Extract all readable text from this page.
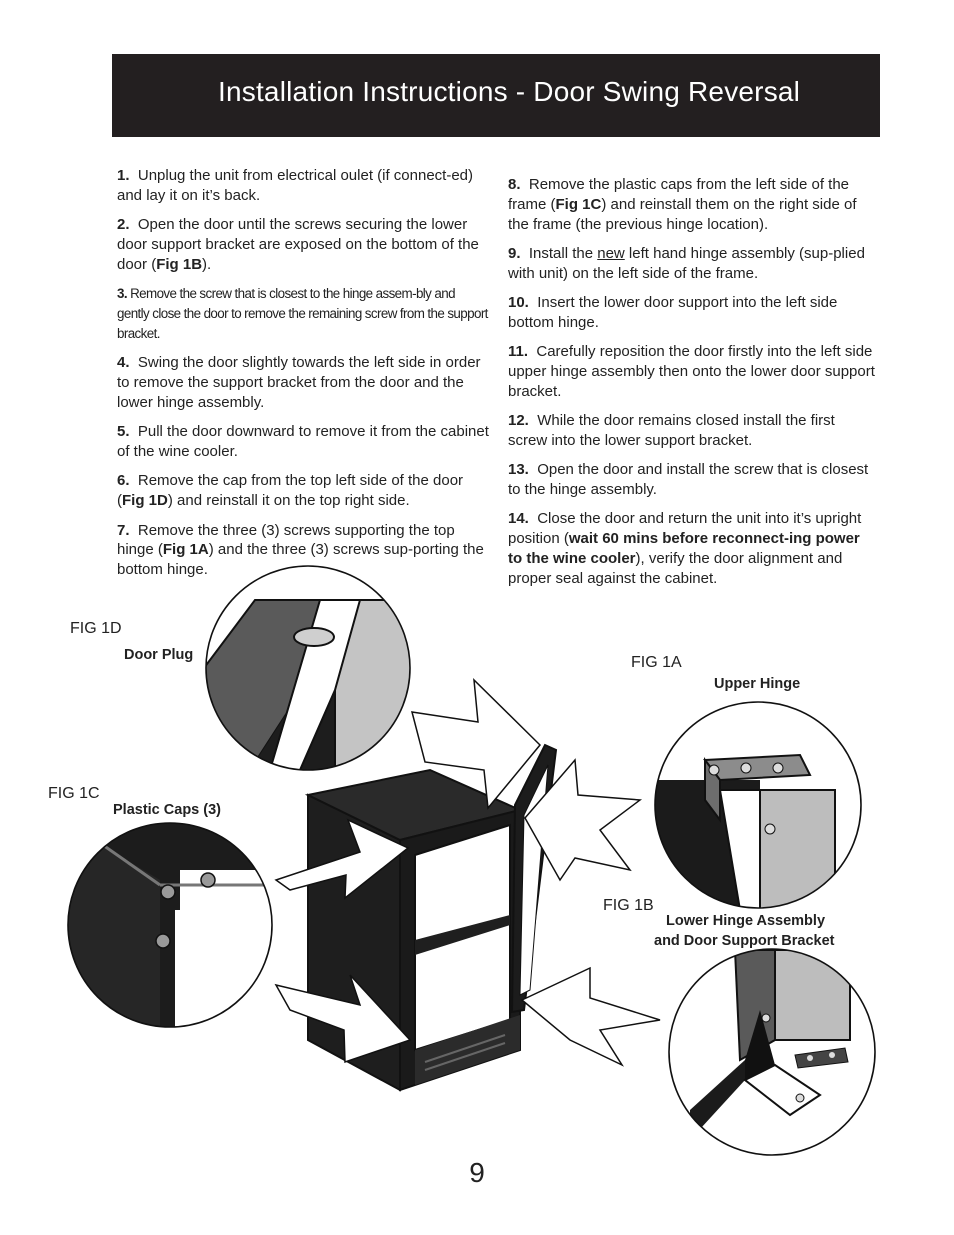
Installation Instructions - Door Swing Reversal

1. Unplug the unit from electrical oulet (if connect-ed) and lay it on it’s back.

2. Open the door until the screws securing the lower door support bracket are exposed on the bottom of the door (Fig 1B).

3. Remove the screw that is closest to the hinge assem-bly and gently close the door to remove the remaining screw from the support bracket.

4. Swing the door slightly towards the left side in order to remove the support bracket from the door and the lower hinge assembly.

5. Pull the door downward to remove it from the cabinet of the wine cooler.

6. Remove the cap from the top left side of the door (Fig 1D) and reinstall it on the top right side.

7. Remove the three (3) screws supporting the top hinge (Fig 1A) and the three (3) screws sup-porting the bottom hinge.

8. Remove the plastic caps from the left side of the frame (Fig 1C) and reinstall them on the right side of the frame (the previous hinge location).

9. Install the new left hand hinge assembly (sup-plied with unit) on the left side of the frame.

10. Insert the lower door support into the left side bottom hinge.

11. Carefully reposition the door firstly into the left side upper hinge assembly then onto the lower door support bracket.

12. While the door remains closed install the first screw into the lower support bracket.

13. Open the door and install the screw that is closest to the hinge assembly.

14. Close the door and return the unit into it’s upright position (wait 60 mins before reconnect-ing power to the wine cooler), verify the door alignment and proper seal against the cabinet.

FIG 1D
Door Plug	FIG 1A
Upper Hinge
FIG 1C
Plastic Caps (3)
FIG 1B
Lower Hinge Assembly
and Door Support Bracket
9
